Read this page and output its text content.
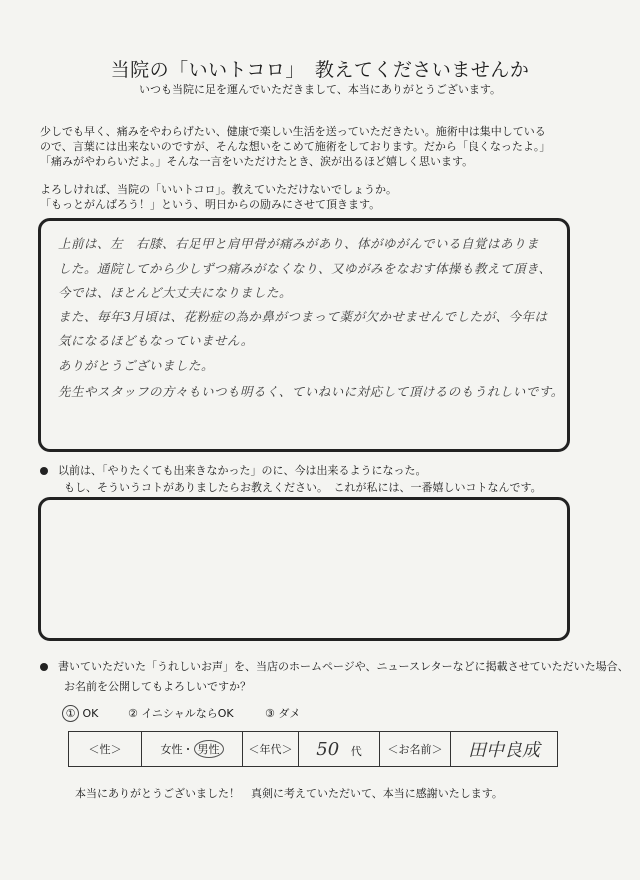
当院の「いいトコロ」　教えてくださいませんか
いつも当院に足を運んでいただきまして、本当にありがとうございます。
少しでも早く、痛みをやわらげたい、健康で楽しい生活を送っていただきたい。施術中は集中している
ので、言葉には出来ないのですが、そんな想いをこめて施術をしております。だから「良くなったよ。」
「痛みがやわらいだよ。」そんな一言をいただけたとき、涙が出るほど嬉しく思います。
よろしければ、当院の「いいトコロ」。教えていただけないでしょうか。
「もっとがんばろう！」という、明日からの励みにさせて頂きます。
上前は、左　右膝、右足甲と肩甲骨が痛みがあり、体がゆがんでいる自覚はありま
した。通院してから少しずつ痛みがなくなり、又ゆがみをなおす体操も教えて頂き、
今では、ほとんど大丈夫になりました。
また、毎年3月頃は、花粉症の為か鼻がつまって薬が欠かせませんでしたが、今年は
気になるほどもなっていません。
ありがとうございました。
先生やスタッフの方々もいつも明るく、ていねいに対応して頂けるのもうれしいです。
以前は、「やりたくても出来きなかった」のに、今は出来るようになった。
もし、そういうコトがありましたらお教えください。　これが私には、一番嬉しいコトなんです。
書いていただいた「うれしいお声」を、当店のホームページや、ニュースレターなどに掲載させていただいた場合、
お名前を公開してもよろしいですか？
① OK	② イニシャルならOK	③ ダメ
＜性＞	女性・ 男性	＜年代＞	50 代	＜お名前＞	田中良成
本当にありがとうございました！　真剣に考えていただいて、本当に感謝いたします。
